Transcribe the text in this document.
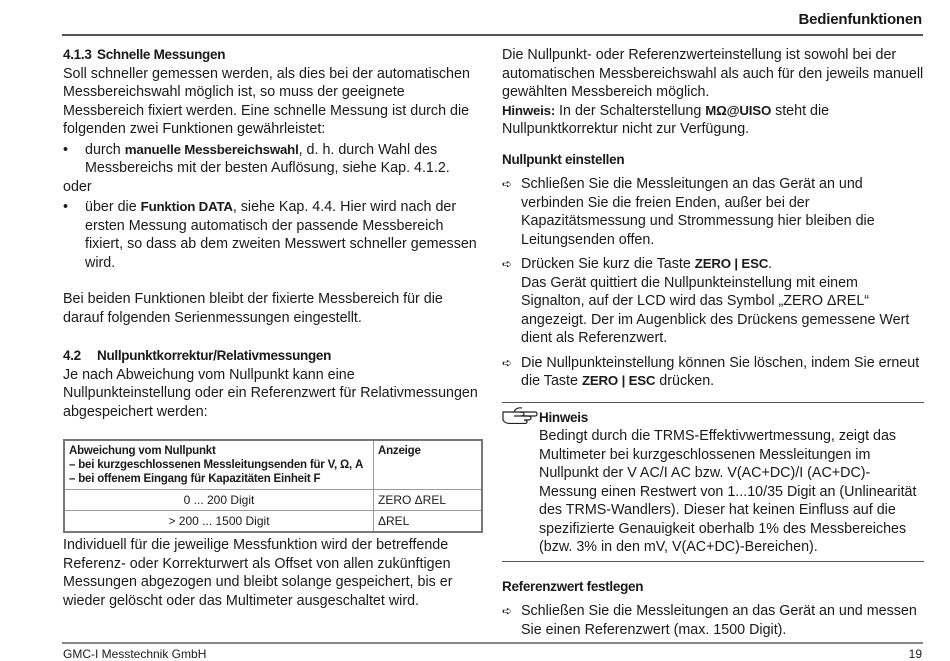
Bedienfunktionen
4.1.3 Schnelle Messungen

Soll schneller gemessen werden, als dies bei der automatischen Messbereichswahl möglich ist, so muss der geeignete Messbereich fixiert werden. Eine schnelle Messung ist durch die folgenden zwei Funktionen gewährleistet:

• durch manuelle Messbereichswahl, d. h. durch Wahl des Messbereichs mit der besten Auflösung, siehe Kap. 4.1.2.

oder

• über die Funktion DATA, siehe Kap. 4.4. Hier wird nach der ersten Messung automatisch der passende Messbereich fixiert, so dass ab dem zweiten Messwert schneller gemessen wird.

Bei beiden Funktionen bleibt der fixierte Messbereich für die darauf folgenden Serienmessungen eingestellt.

4.2 Nullpunktkorrektur/Relativmessungen

Je nach Abweichung vom Nullpunkt kann eine Nullpunkteinstellung oder ein Referenzwert für Relativmessungen abgespeichert werden:

Abweichung vom Nullpunkt
– bei kurzgeschlossenen Messleitungsenden für V, Ω, A
– bei offenem Eingang für Kapazitäten Einheit F	Anzeige
0 ... 200 Digit	ZERO ΔREL
> 200 ... 1500 Digit	ΔREL

Individuell für die jeweilige Messfunktion wird der betreffende Referenz- oder Korrekturwert als Offset von allen zukünftigen Messungen abgezogen und bleibt solange gespeichert, bis er wieder gelöscht oder das Multimeter ausgeschaltet wird.

Die Nullpunkt- oder Referenzwerteinstellung ist sowohl bei der automatischen Messbereichswahl als auch für den jeweils manuell gewählten Messbereich möglich.

Hinweis: In der Schalterstellung MΩ@UISO steht die Nullpunktkorrektur nicht zur Verfügung.

Nullpunkt einstellen
➪ Schließen Sie die Messleitungen an das Gerät an und verbinden Sie die freien Enden, außer bei der Kapazitätsmessung und Strommessung hier bleiben die Leitungsenden offen.
➪ Drücken Sie kurz die Taste ZERO | ESC.
Das Gerät quittiert die Nullpunkteinstellung mit einem Signalton, auf der LCD wird das Symbol „ZERO ΔREL“ angezeigt. Der im Augenblick des Drückens gemessene Wert dient als Referenzwert.
➪ Die Nullpunkteinstellung können Sie löschen, indem Sie erneut die Taste ZERO | ESC drücken.
Hinweis
Bedingt durch die TRMS-Effektivwertmessung, zeigt das Multimeter bei kurzgeschlossenen Messleitungen im Nullpunkt der V AC/I AC bzw. V(AC+DC)/I (AC+DC)-Messung einen Restwert von 1...10/35 Digit an (Unlinearität des TRMS-Wandlers). Dieser hat keinen Einfluss auf die spezifizierte Genauigkeit oberhalb 1% des Messbereiches (bzw. 3% in den mV, V(AC+DC)-Bereichen).
Referenzwert festlegen
➪ Schließen Sie die Messleitungen an das Gerät an und messen Sie einen Referenzwert (max. 1500 Digit).
GMC-I Messtechnik GmbH	19
